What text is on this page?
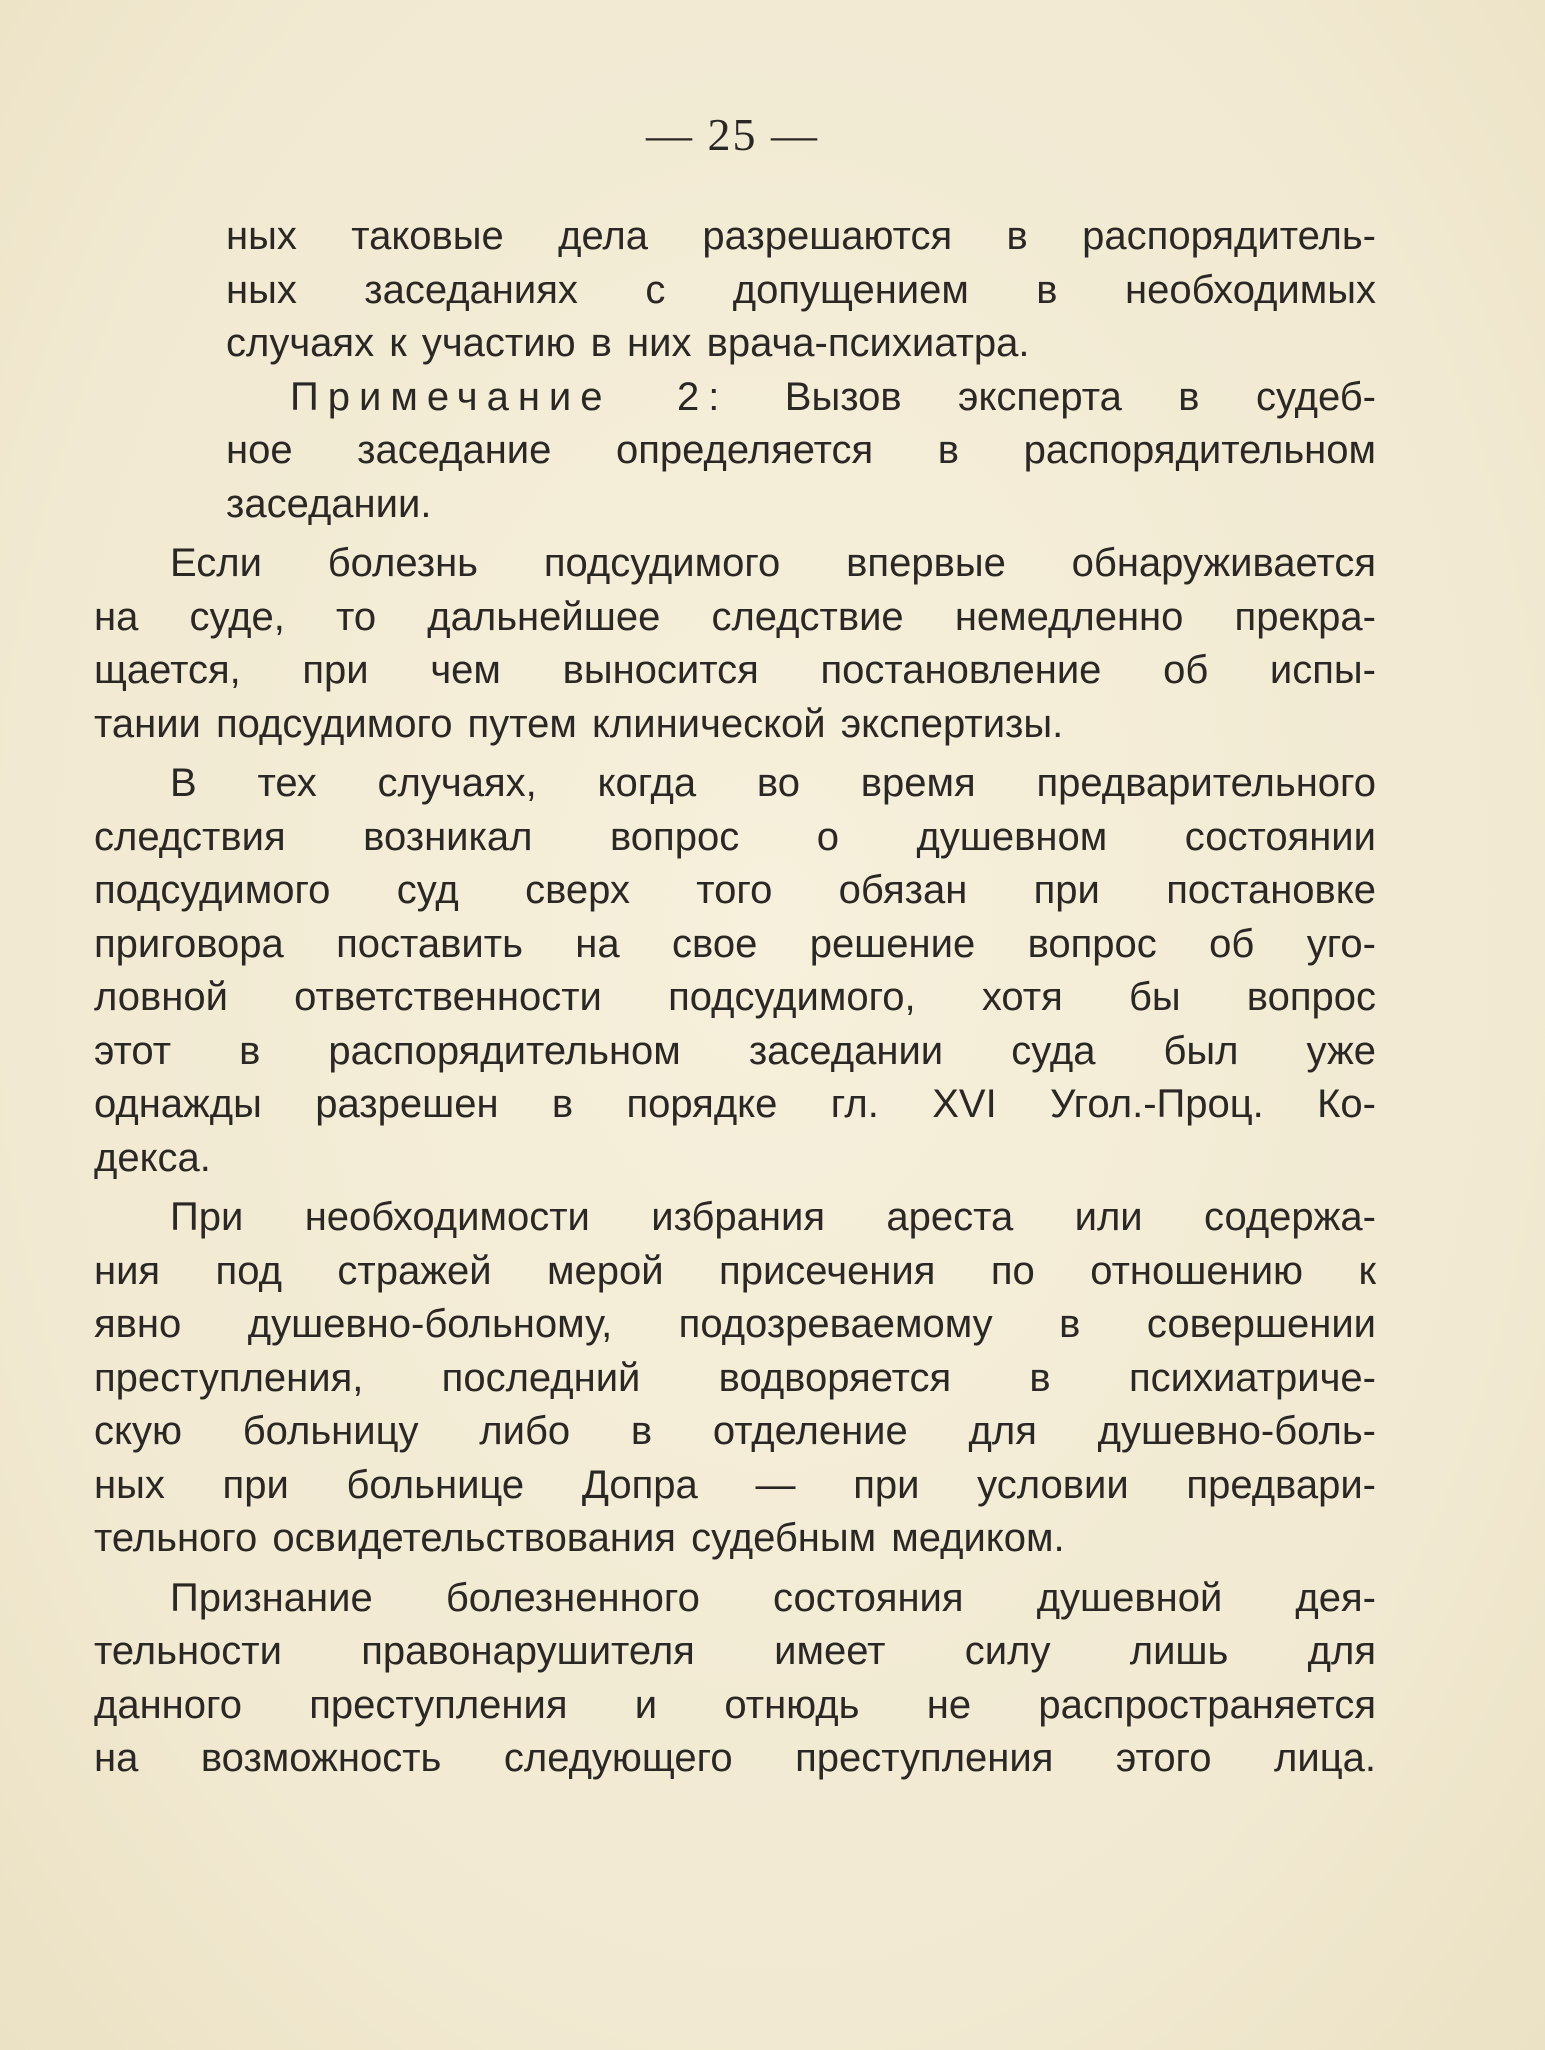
— 25 —
ных таковые дела разрешаются в распорядитель-
ных заседаниях с допущением в необходимых
случаях к участию в них врача-психиатра.
Примечание 2: Вызов эксперта в судеб-
ное заседание определяется в распорядительном
заседании.
Если болезнь подсудимого впервые обнаруживается
на суде, то дальнейшее следствие немедленно прекра-
щается, при чем выносится постановление об испы-
тании подсудимого путем клинической экспертизы.
В тех случаях, когда во время предварительного
следствия возникал вопрос о душевном состоянии
подсудимого суд сверх того обязан при постановке
приговора поставить на свое решение вопрос об уго-
ловной ответственности подсудимого, хотя бы вопрос
этот в распорядительном заседании суда был уже
однажды разрешен в порядке гл. XVI Угол.-Проц. Ко-
декса.
При необходимости избрания ареста или содержа-
ния под стражей мерой присечения по отношению к
явно душевно-больному, подозреваемому в совершении
преступления, последний водворяется в психиатриче-
скую больницу либо в отделение для душевно-боль-
ных при больнице Допра — при условии предвари-
тельного освидетельствования судебным медиком.
Признание болезненного состояния душевной дея-
тельности правонарушителя имеет силу лишь для
данного преступления и отнюдь не распространяется
на возможность следующего преступления этого лица.
